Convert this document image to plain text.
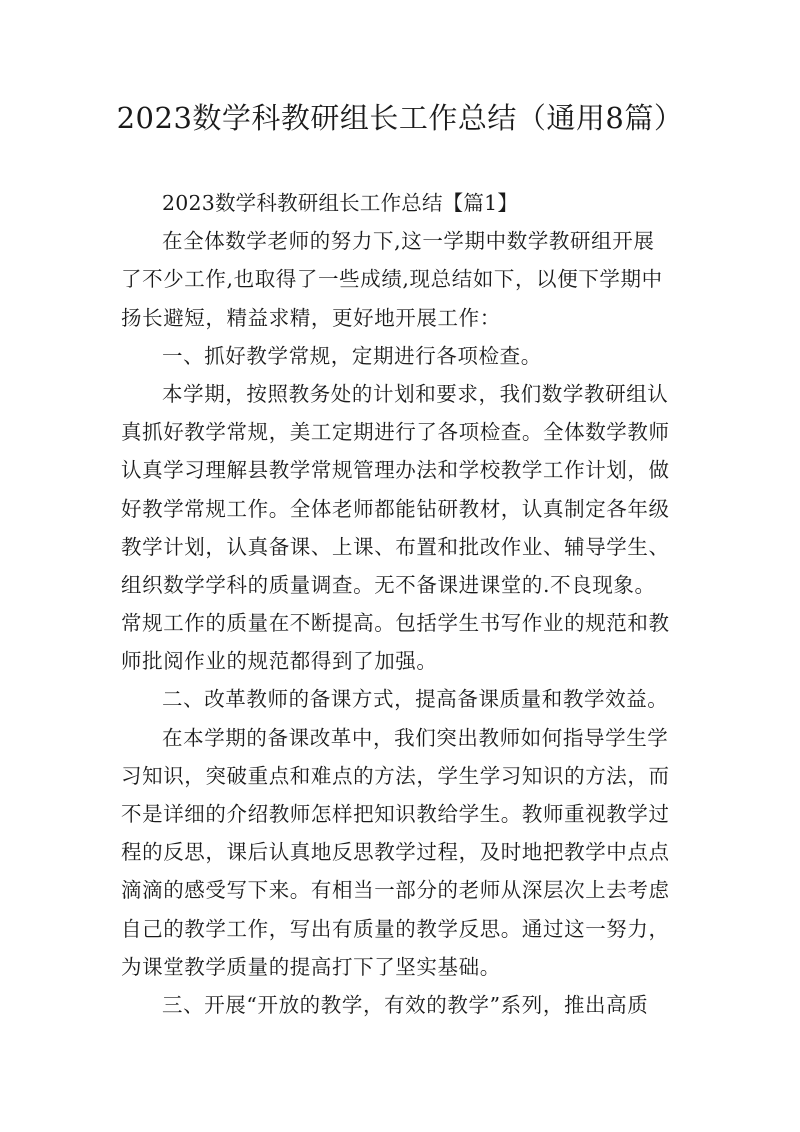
2023数学科教研组长工作总结（通用8篇）
2023数学科教研组长工作总结【篇1】
在全体数学老师的努力下,这一学期中数学教研组开展
了不少工作,也取得了一些成绩,现总结如下，以便下学期中
扬长避短，精益求精，更好地开展工作：
一、抓好教学常规，定期进行各项检查。
本学期，按照教务处的计划和要求，我们数学教研组认
真抓好教学常规，美工定期进行了各项检查。全体数学教师
认真学习理解县教学常规管理办法和学校教学工作计划，做
好教学常规工作。全体老师都能钻研教材，认真制定各年级
教学计划，认真备课、上课、布置和批改作业、辅导学生、
组织数学学科的质量调查。无不备课进课堂的.不良现象。
常规工作的质量在不断提高。包括学生书写作业的规范和教
师批阅作业的规范都得到了加强。
二、改革教师的备课方式，提高备课质量和教学效益。
在本学期的备课改革中，我们突出教师如何指导学生学
习知识，突破重点和难点的方法，学生学习知识的方法，而
不是详细的介绍教师怎样把知识教给学生。教师重视教学过
程的反思，课后认真地反思教学过程，及时地把教学中点点
滴滴的感受写下来。有相当一部分的老师从深层次上去考虑
自己的教学工作，写出有质量的教学反思。通过这一努力，
为课堂教学质量的提高打下了坚实基础。
三、开展“开放的教学，有效的教学”系列，推出高质
